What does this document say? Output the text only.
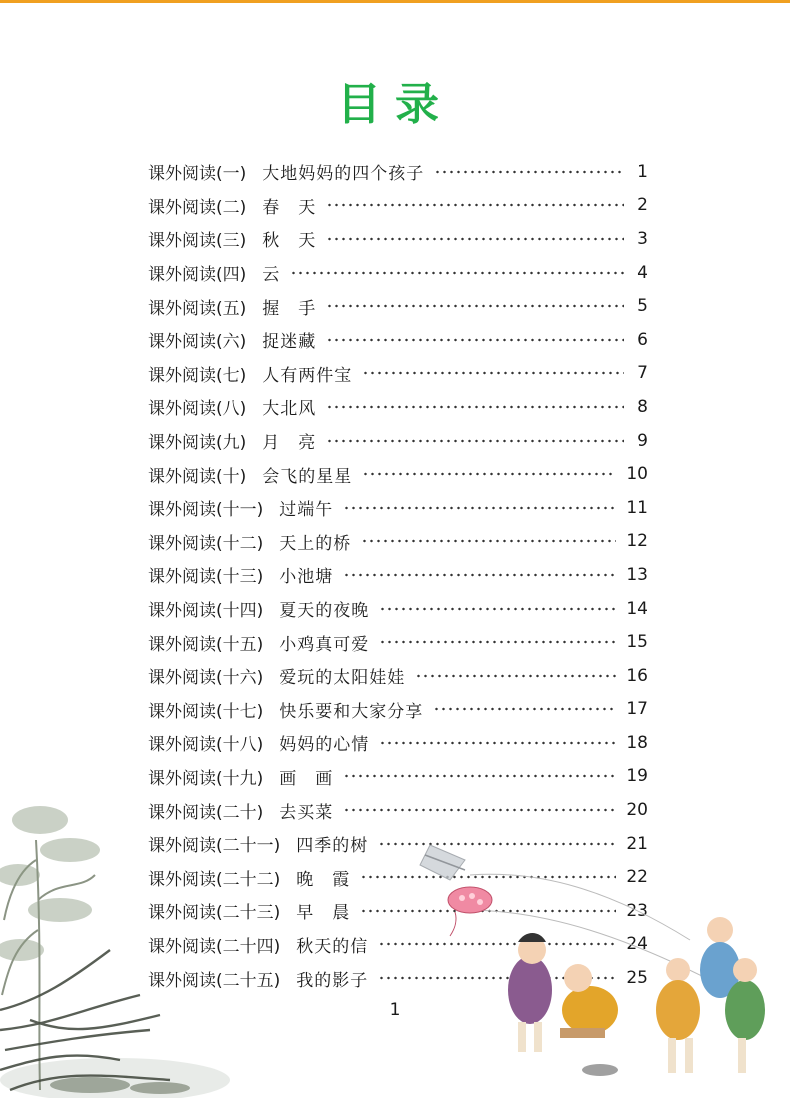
目录
课外阅读(一) 大地妈妈的四个孩子	1
课外阅读(二) 春　天	2
课外阅读(三) 秋　天	3
课外阅读(四) 云	4
课外阅读(五) 握　手	5
课外阅读(六) 捉迷藏	6
课外阅读(七) 人有两件宝	7
课外阅读(八) 大北风	8
课外阅读(九) 月　亮	9
课外阅读(十) 会飞的星星	10
课外阅读(十一) 过端午	11
课外阅读(十二) 天上的桥	12
课外阅读(十三) 小池塘	13
课外阅读(十四) 夏天的夜晚	14
课外阅读(十五) 小鸡真可爱	15
课外阅读(十六) 爱玩的太阳娃娃	16
课外阅读(十七) 快乐要和大家分享	17
课外阅读(十八) 妈妈的心情	18
课外阅读(十九) 画　画	19
课外阅读(二十) 去买菜	20
课外阅读(二十一) 四季的树	21
课外阅读(二十二) 晚　霞	22
课外阅读(二十三) 早　晨	23
课外阅读(二十四) 秋天的信	24
课外阅读(二十五) 我的影子	25
1
